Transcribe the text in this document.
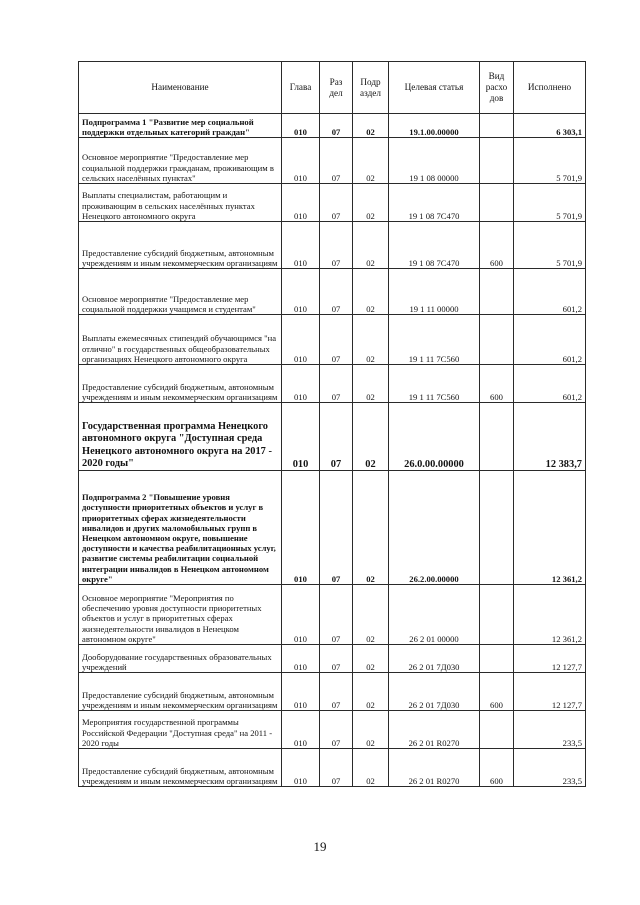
Наименование	Глава	Раз дел	Подр аздел	Целевая статья	Вид расхо дов	Исполнено
Подпрограмма 1 "Развитие мер социальной поддержки отдельных категорий граждан"	010	07	02	19.1.00.00000		6 303,1
Основное мероприятие "Предоставление мер социальной поддержки гражданам, проживающим в сельских населённых пунктах"	010	07	02	19 1 08 00000		5 701,9
Выплаты специалистам, работающим и проживающим в сельских населённых пунктах Ненецкого автономного округа	010	07	02	19 1 08 7С470		5 701,9
Предоставление субсидий бюджетным, автономным учреждениям и иным некоммерческим организациям	010	07	02	19 1 08 7С470	600	5 701,9
Основное мероприятие "Предоставление мер социальной поддержки учащимся и студентам"	010	07	02	19 1 11 00000		601,2
Выплаты ежемесячных стипендий обучающимся "на отлично" в государственных общеобразовательных организациях Ненецкого автономного округа	010	07	02	19 1 11 7С560		601,2
Предоставление субсидий бюджетным, автономным учреждениям и иным некоммерческим организациям	010	07	02	19 1 11 7С560	600	601,2
Государственная программа Ненецкого автономного округа "Доступная среда Ненецкого автономного округа на 2017 - 2020 годы"	010	07	02	26.0.00.00000		12 383,7
Подпрограмма 2 "Повышение уровня доступности приоритетных объектов и услуг в приоритетных сферах жизнедеятельности инвалидов и других маломобильных групп в Ненецком автономном округе, повышение доступности и качества реабилитационных услуг, развитие системы реабилитации социальной интеграции инвалидов в Ненецком автономном округе"	010	07	02	26.2.00.00000		12 361,2
Основное мероприятие "Мероприятия по обеспечению уровня доступности приоритетных объектов и услуг в приоритетных сферах жизнедеятельности инвалидов в Ненецком автономном округе"	010	07	02	26 2 01 00000		12 361,2
Дооборудование государственных образовательных учреждений	010	07	02	26 2 01 7Д030		12 127,7
Предоставление субсидий бюджетным, автономным учреждениям и иным некоммерческим организациям	010	07	02	26 2 01 7Д030	600	12 127,7
Мероприятия государственной программы Российской Федерации "Доступная среда" на 2011 - 2020 годы	010	07	02	26 2 01 R0270		233,5
Предоставление субсидий бюджетным, автономным учреждениям и иным некоммерческим организациям	010	07	02	26 2 01 R0270	600	233,5
19
